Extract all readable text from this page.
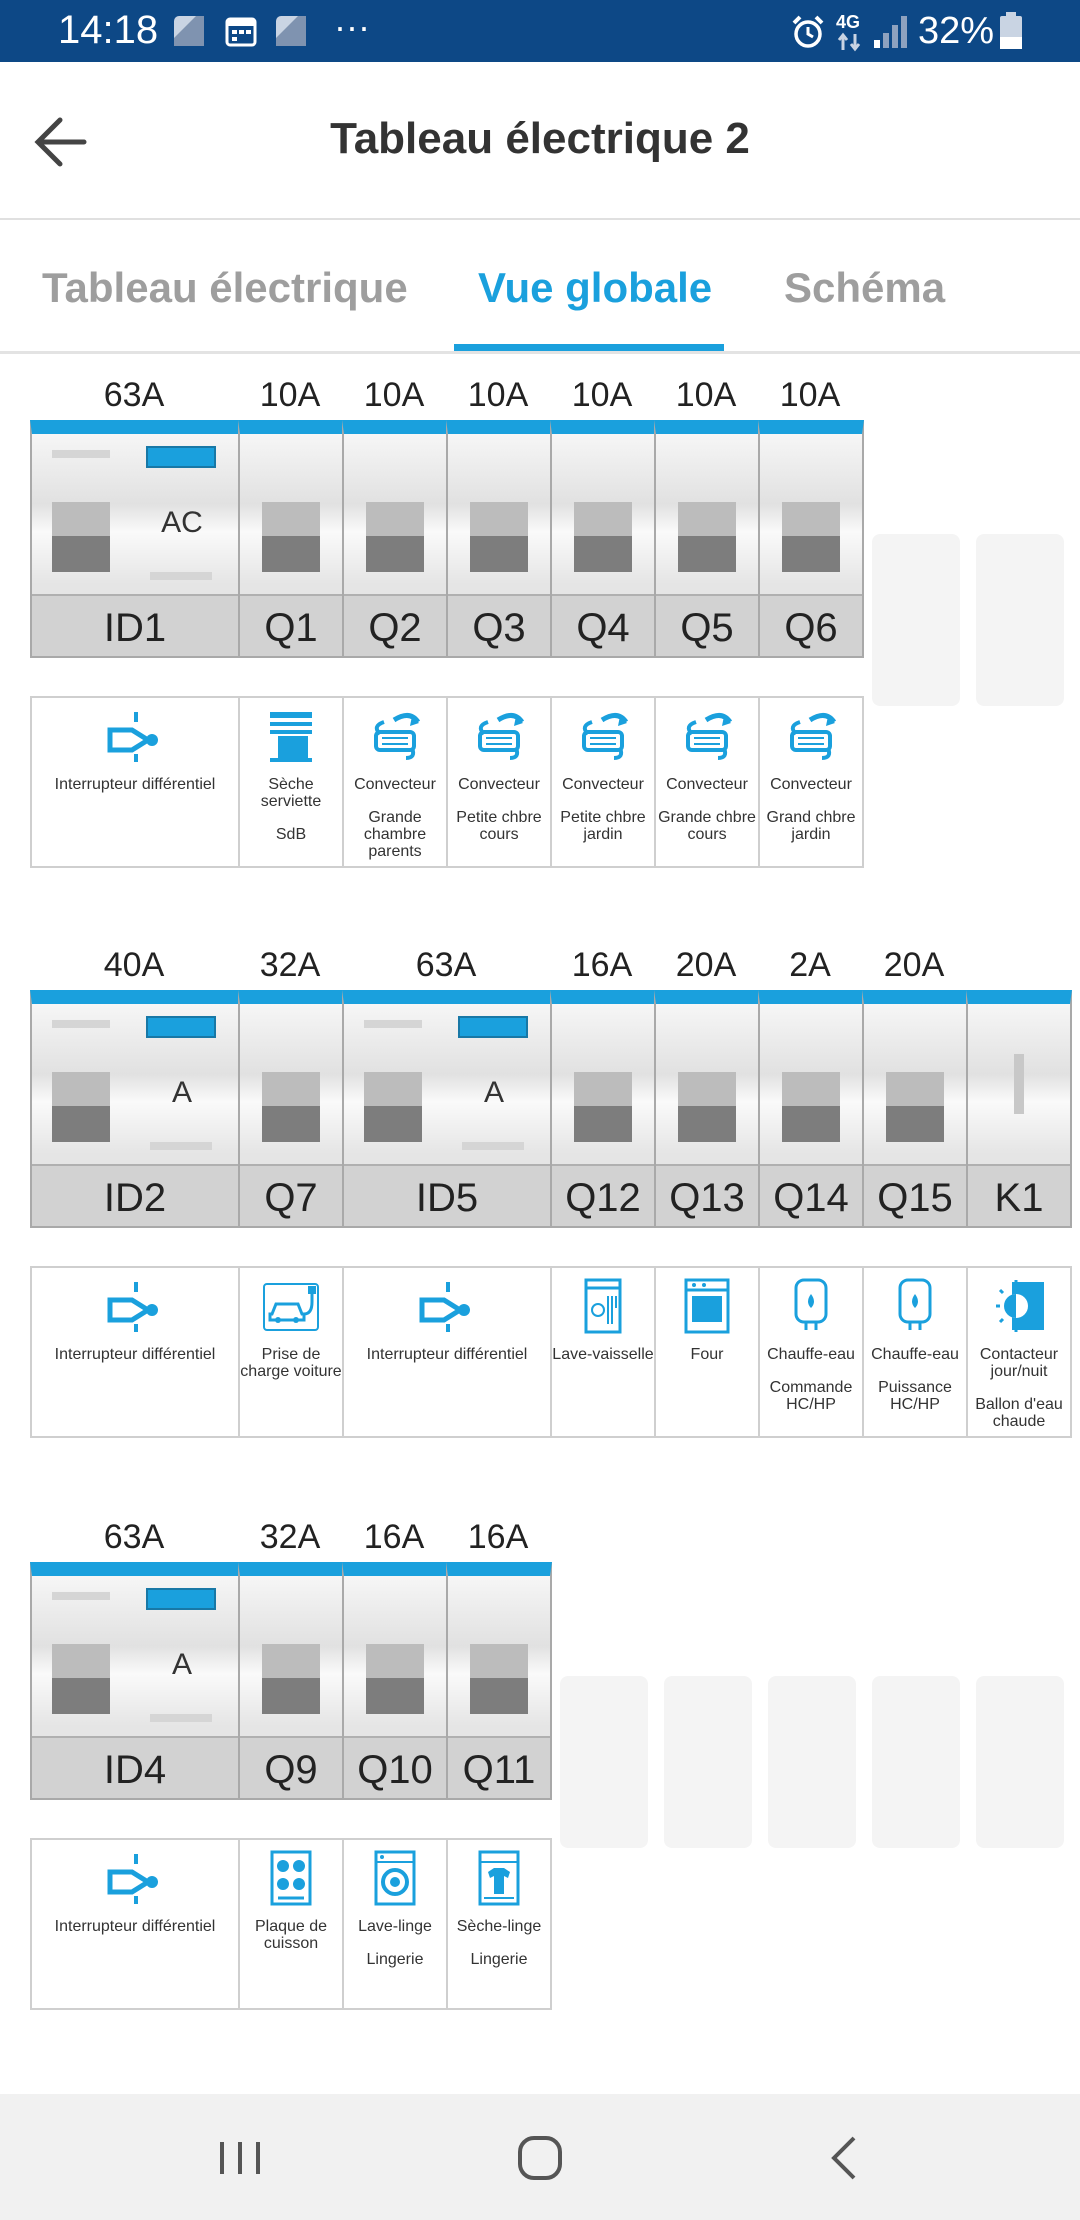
14:18	···	4G 32%
Tableau électrique 2
Tableau électrique Vue globale Schéma
63A
AC
ID1
Interrupteur différentiel
10A
Q1
Sèche serviette
SdB
10A
Q2
Convecteur
Grande chambre parents
10A
Q3
Convecteur
Petite chbre cours
10A
Q4
Convecteur
Petite chbre jardin
10A
Q5
Convecteur
Grande chbre cours
10A
Q6
Convecteur
Grand chbre jardin
40A
A
ID2
Interrupteur différentiel
32A
Q7
Prise de charge voiture
63A
A
ID5
Interrupteur différentiel
16A
Q12
Lave-vaisselle
20A
Q13
Four
2A
Q14
Chauffe-eau
Commande HC/HP
20A
Q15
Chauffe-eau
Puissance HC/HP
K1
Contacteur jour/nuit
Ballon d'eau chaude
63A
A
ID4
Interrupteur différentiel
32A
Q9
Plaque de cuisson
16A
Q10
Lave-linge
Lingerie
16A
Q11
Sèche-linge
Lingerie
